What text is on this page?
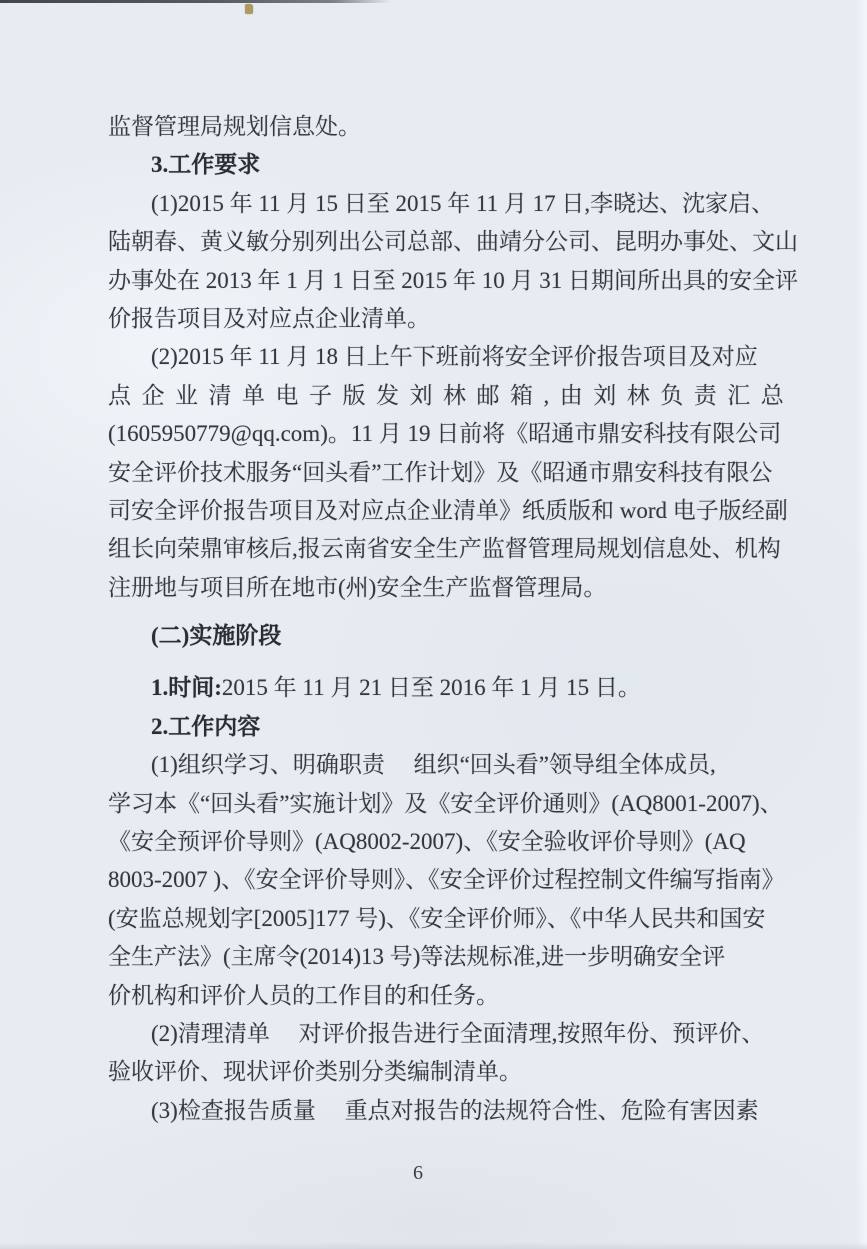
监督管理局规划信息处。
3.工作要求
(1)2015 年 11 月 15 日至 2015 年 11 月 17 日,李晓达、沈家启、
陆朝春、黄义敏分别列出公司总部、曲靖分公司、昆明办事处、文山
办事处在 2013 年 1 月 1 日至 2015 年 10 月 31 日期间所出具的安全评
价报告项目及对应点企业清单。
(2)2015 年 11 月 18 日上午下班前将安全评价报告项目及对应
点企业清单电子版发刘林邮箱,由刘林负责汇总
(1605950779@qq.com)。11 月 19 日前将《昭通市鼎安科技有限公司
安全评价技术服务“回头看”工作计划》及《昭通市鼎安科技有限公
司安全评价报告项目及对应点企业清单》纸质版和 word 电子版经副
组长向荣鼎审核后,报云南省安全生产监督管理局规划信息处、机构
注册地与项目所在地市(州)安全生产监督管理局。
(二)实施阶段
1.时间:2015 年 11 月 21 日至 2016 年 1 月 15 日。
2.工作内容
(1)组织学习、明确职责　 组织“回头看”领导组全体成员,
学习本《“回头看”实施计划》及《安全评价通则》(AQ8001-2007)、
《安全预评价导则》(AQ8002-2007)、《安全验收评价导则》(AQ
8003-2007 )、《安全评价导则》、《安全评价过程控制文件编写指南》
(安监总规划字[2005]177 号)、《安全评价师》、《中华人民共和国安
全生产法》(主席令(2014)13 号)等法规标准,进一步明确安全评
价机构和评价人员的工作目的和任务。
(2)清理清单　 对评价报告进行全面清理,按照年份、预评价、
验收评价、现状评价类别分类编制清单。
(3)检查报告质量　 重点对报告的法规符合性、危险有害因素
6
